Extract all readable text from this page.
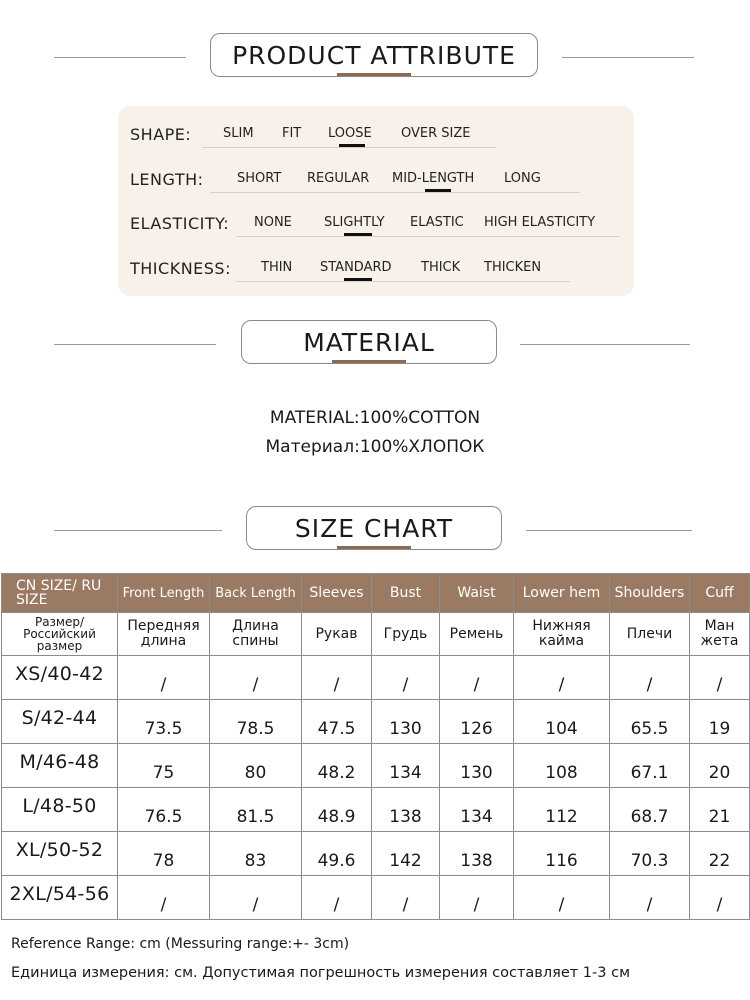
PRODUCT ATTRIBUTE
SHAPE: SLIM FIT LOOSE OVER SIZE
LENGTH:	SHORT REGULAR MID-LENGTH LONG
ELASTICITY: NONE SLIGHTLY ELASTIC HIGH ELASTICITY
THICKNESS: THIN STANDARD THICK THICKEN
MATERIAL
MATERIAL:100%COTTON
Материал:100%ХЛОПОК
SIZE CHART
CN SIZE/ RU SIZE	Front Length	Back Length	Sleeves	Bust	Waist	Lower hem	Shoulders	Cuff
Размер/ Российский размер	Передняя длина	Длина спины	Рукав	Грудь	Ремень	Нижняя кайма	Плечи	Ман жета
XS/40-42	/	/	/	/	/	/	/	/
S/42-44	73.5	78.5	47.5	130	126	104	65.5	19
M/46-48	75	80	48.2	134	130	108	67.1	20
L/48-50	76.5	81.5	48.9	138	134	112	68.7	21
XL/50-52	78	83	49.6	142	138	116	70.3	22
2XL/54-56	/	/	/	/	/	/	/	/
Reference Range: cm (Messuring range:+- 3cm)
Единица измерения: см. Допустимая погрешность измерения составляет 1-3 см
